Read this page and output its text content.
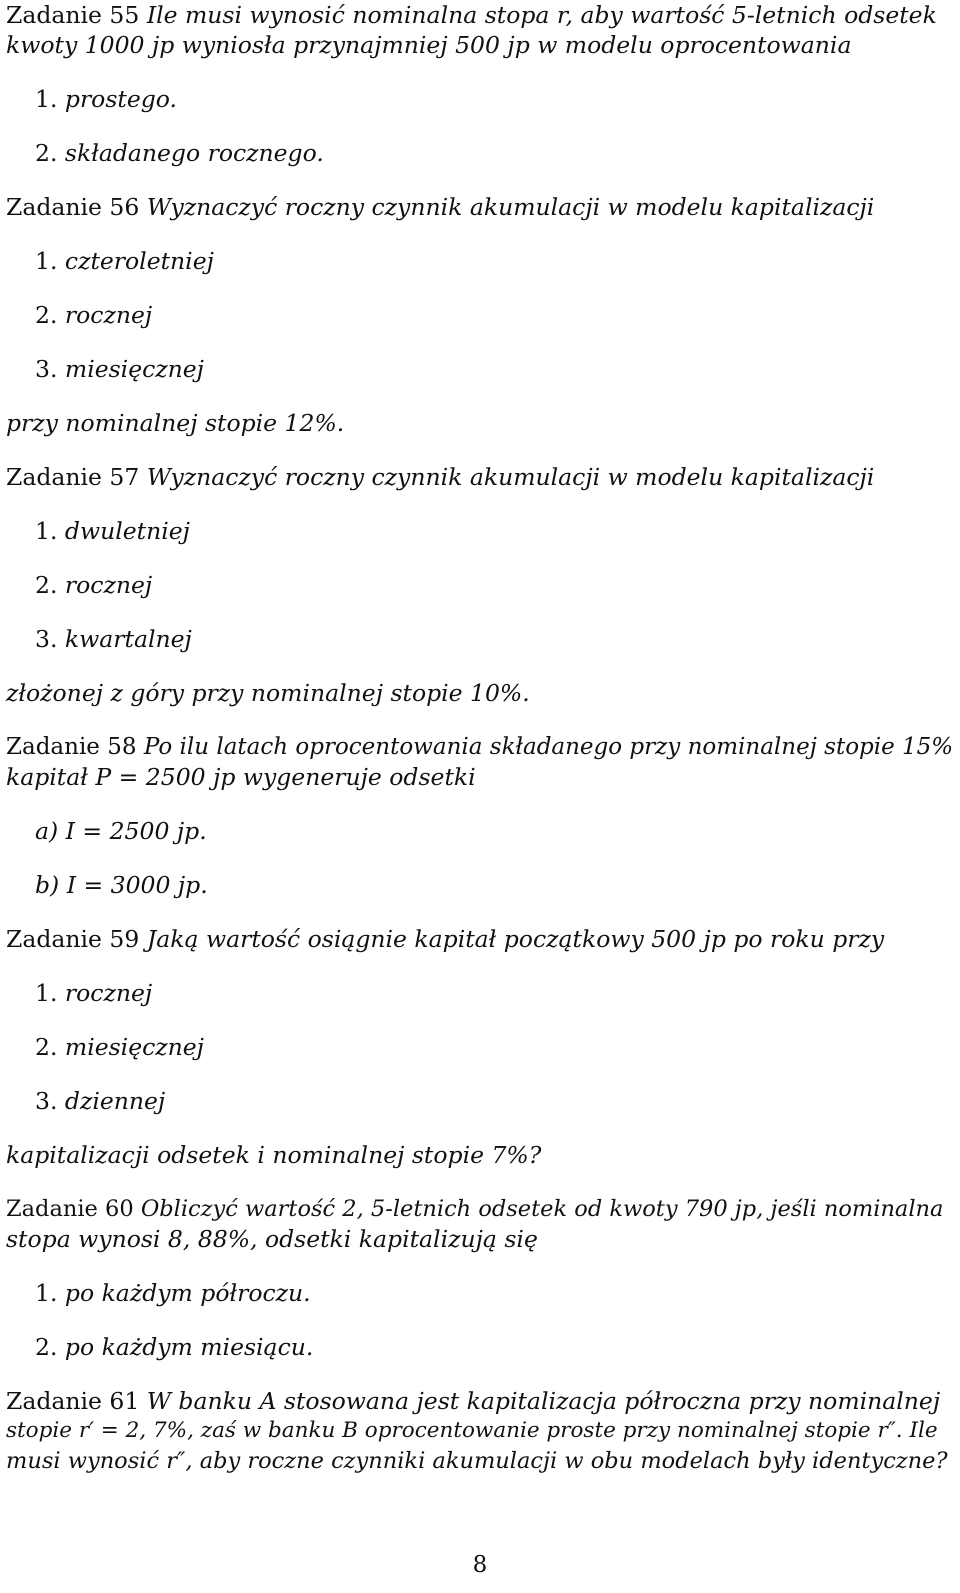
Zadanie 55 Ile musi wynosić nominalna stopa r, aby wartość 5-letnich odsetek
kwoty 1000 jp wyniosła przynajmniej 500 jp w modelu oprocentowania
1. prostego.
2. składanego rocznego.
Zadanie 56 Wyznaczyć roczny czynnik akumulacji w modelu kapitalizacji
1. czteroletniej
2. rocznej
3. miesięcznej
przy nominalnej stopie 12%.
Zadanie 57 Wyznaczyć roczny czynnik akumulacji w modelu kapitalizacji
1. dwuletniej
2. rocznej
3. kwartalnej
złożonej z góry przy nominalnej stopie 10%.
Zadanie 58 Po ilu latach oprocentowania składanego przy nominalnej stopie 15%
kapitał P = 2500 jp wygeneruje odsetki
a) I = 2500 jp.
b) I = 3000 jp.
Zadanie 59 Jaką wartość osiągnie kapitał początkowy 500 jp po roku przy
1. rocznej
2. miesięcznej
3. dziennej
kapitalizacji odsetek i nominalnej stopie 7%?
Zadanie 60 Obliczyć wartość 2, 5-letnich odsetek od kwoty 790 jp, jeśli nominalna
stopa wynosi 8, 88%, odsetki kapitalizują się
1. po każdym półroczu.
2. po każdym miesiącu.
Zadanie 61 W banku A stosowana jest kapitalizacja półroczna przy nominalnej
stopie r′ = 2, 7%, zaś w banku B oprocentowanie proste przy nominalnej stopie r″. Ile
musi wynosić r″, aby roczne czynniki akumulacji w obu modelach były identyczne?
8
